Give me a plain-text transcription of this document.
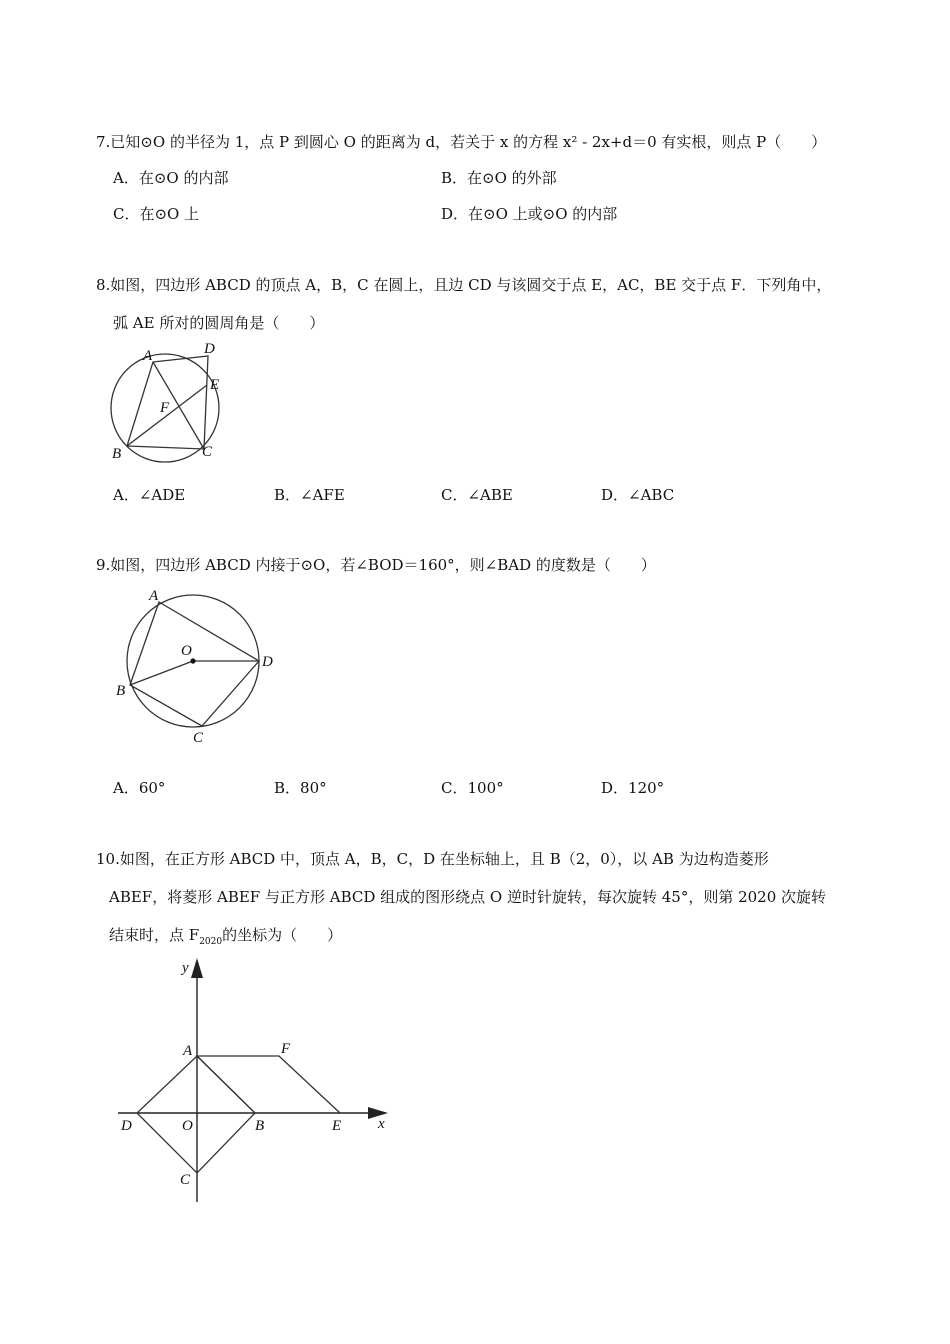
7.已知⊙O 的半径为 1，点 P 到圆心 O 的距离为 d，若关于 x 的方程 x² - 2x+d＝0 有实根，则点 P（　　）
A．在⊙O 的内部	B．在⊙O 的外部
C．在⊙O 上	D．在⊙O 上或⊙O 的内部
8.如图，四边形 ABCD 的顶点 A，B，C 在圆上，且边 CD 与该圆交于点 E，AC，BE 交于点 F．下列角中，
弧 AE 所对的圆周角是（　　）
A	D
E
F
B	C
A．∠ADE	B．∠AFE	C．∠ABE	D．∠ABC
9.如图，四边形 ABCD 内接于⊙O，若∠BOD＝160°，则∠BAD 的度数是（　　）
A
O
D
B
C
A．60°	B．80°	C．100°	D．120°
10.如图，在正方形 ABCD 中，顶点 A，B，C，D 在坐标轴上，且 B（2，0），以 AB 为边构造菱形
ABEF，将菱形 ABEF 与正方形 ABCD 组成的图形绕点 O 逆时针旋转，每次旋转 45°，则第 2020 次旋转
结束时，点 $F_{2020}$的坐标为（　　）
y
x
A	F
D	O	B	E
C
